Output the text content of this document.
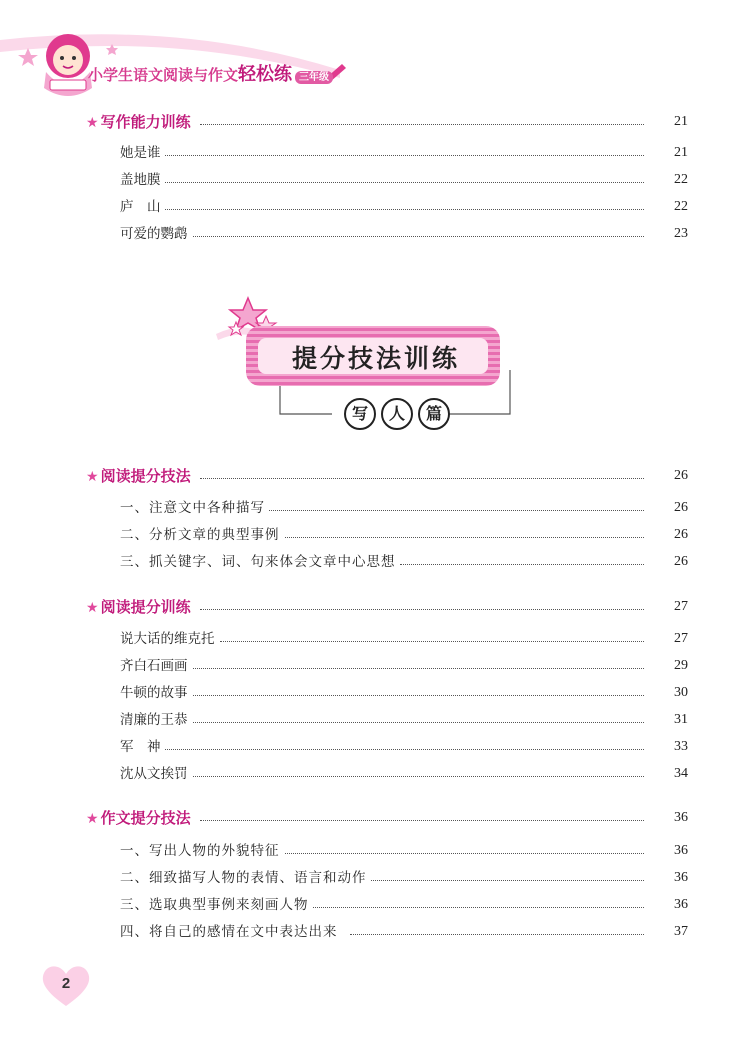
小学生语文阅读与作文轻松练 三年级
★ 写作能力训练	21
她是谁	21
盖地膜	22
庐　山	22
可爱的鹦鹉	23
提分技法训练
写	人	篇
★ 阅读提分技法	26
一、注意文中各种描写	26
二、分析文章的典型事例	26
三、抓关键字、词、句来体会文章中心思想	26
★ 阅读提分训练	27
说大话的维克托	27
齐白石画画	29
牛顿的故事	30
清廉的王恭	31
军　神	33
沈从文挨罚	34
★ 作文提分技法	36
一、写出人物的外貌特征	36
二、细致描写人物的表情、语言和动作	36
三、选取典型事例来刻画人物	36
四、将自己的感情在文中表达出来	37
2
